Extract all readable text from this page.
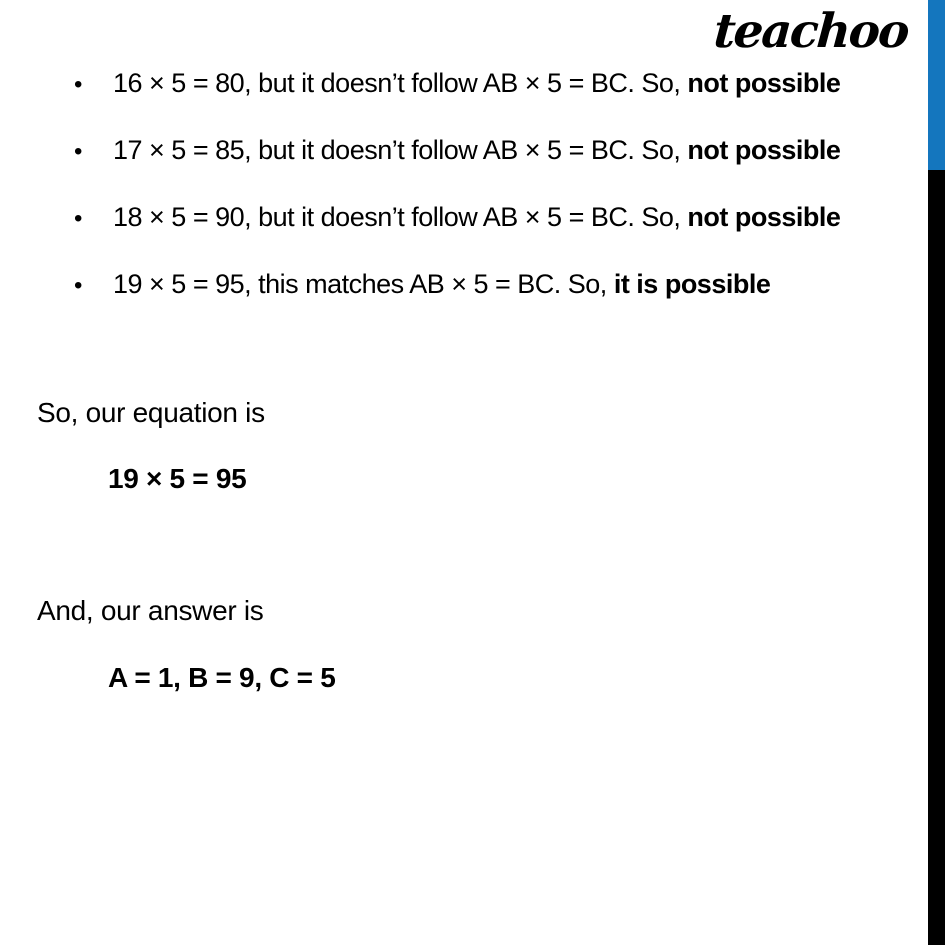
teachoo
•	16 × 5 = 80, but it doesn’t follow AB × 5 = BC. So, not possible
•	17 × 5 = 85, but it doesn’t follow AB × 5 = BC. So, not possible
•	18 × 5 = 90, but it doesn’t follow AB × 5 = BC. So, not possible
•	19 × 5 = 95, this matches AB × 5 = BC. So, it is possible
So, our equation is
19 × 5 = 95
And, our answer is
A = 1, B = 9, C = 5
